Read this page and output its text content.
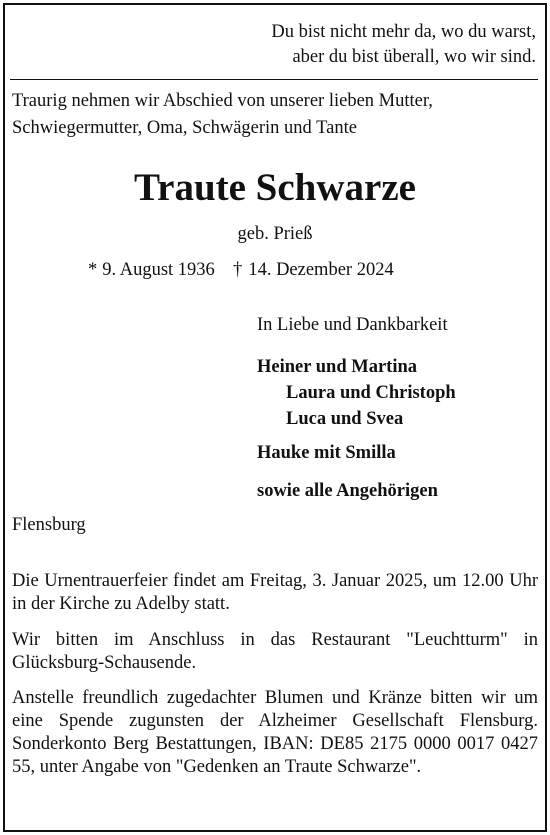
Du bist nicht mehr da, wo du warst,
aber du bist überall, wo wir sind.
Traurig nehmen wir Abschied von unserer lieben Mutter, Schwiegermutter, Oma, Schwägerin und Tante
Traute Schwarze
geb. Prieß
* 9. August 1936 † 14. Dezember 2024
In Liebe und Dankbarkeit
Heiner und Martina
Laura und Christoph
Luca und Svea
Hauke mit Smilla
sowie alle Angehörigen
Flensburg
Die Urnentrauerfeier findet am Freitag, 3. Januar 2025, um 12.00 Uhr in der Kirche zu Adelby statt.
Wir bitten im Anschluss in das Restaurant "Leuchtturm" in Glücksburg-Schausende.
Anstelle freundlich zugedachter Blumen und Kränze bitten wir um eine Spende zugunsten der Alzheimer Gesellschaft Flensburg. Sonderkonto Berg Bestattungen, IBAN: DE85 2175 0000 0017 0427 55, unter Angabe von "Gedenken an Traute Schwarze".
